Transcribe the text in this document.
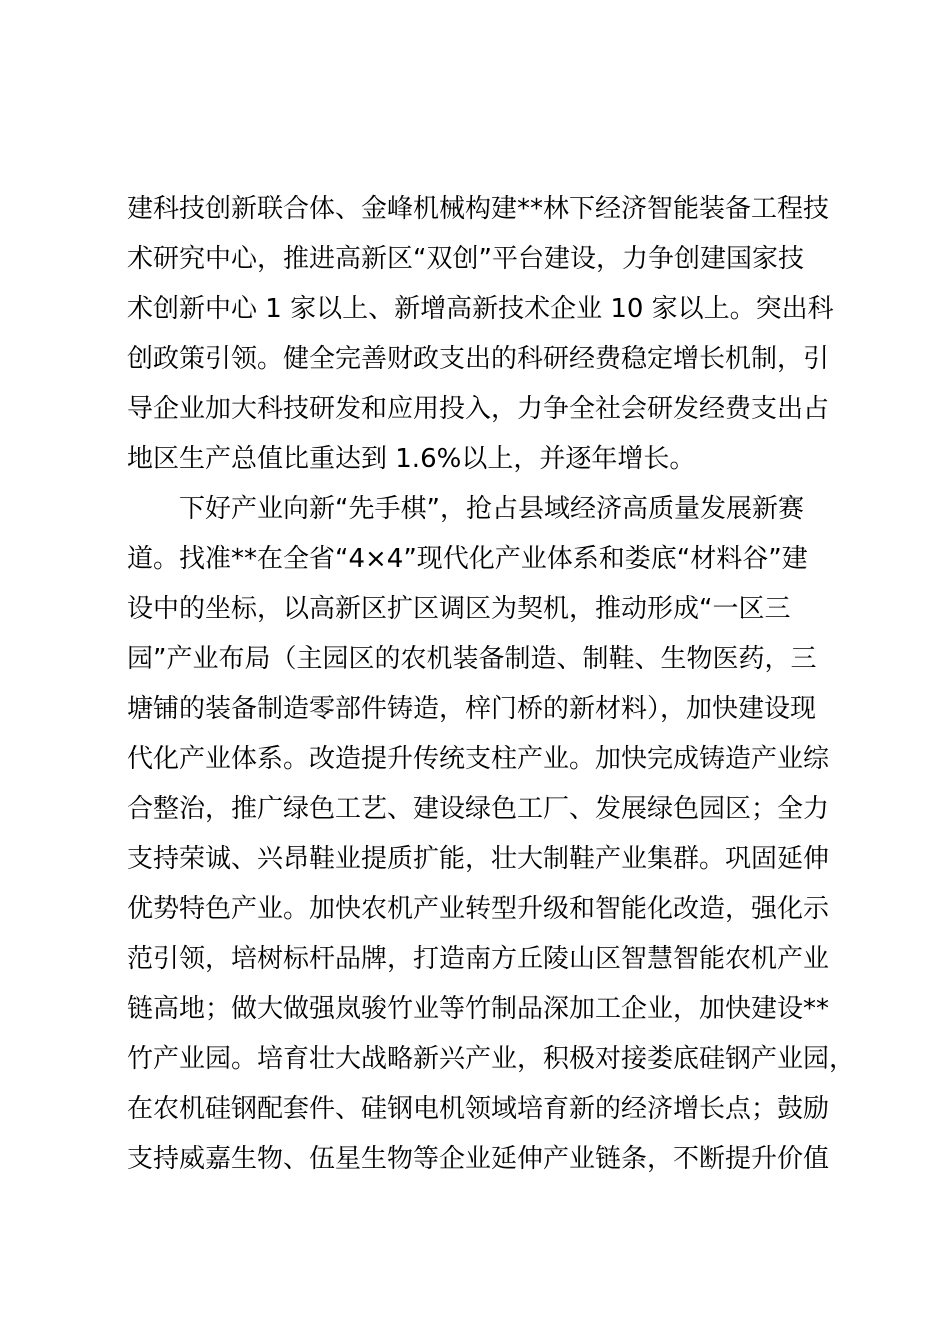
建科技创新联合体、金峰机械构建**林下经济智能装备工程技
术研究中心，推进高新区“双创”平台建设，力争创建国家技
术创新中心 1 家以上、新增高新技术企业 10 家以上。突出科
创政策引领。健全完善财政支出的科研经费稳定增长机制，引
导企业加大科技研发和应用投入，力争全社会研发经费支出占
地区生产总值比重达到 1.6%以上，并逐年增长。
下好产业向新“先手棋”，抢占县域经济高质量发展新赛
道。找准**在全省“4×4”现代化产业体系和娄底“材料谷”建
设中的坐标，以高新区扩区调区为契机，推动形成“一区三
园”产业布局（主园区的农机装备制造、制鞋、生物医药，三
塘铺的装备制造零部件铸造，梓门桥的新材料），加快建设现
代化产业体系。改造提升传统支柱产业。加快完成铸造产业综
合整治，推广绿色工艺、建设绿色工厂、发展绿色园区；全力
支持荣诚、兴昂鞋业提质扩能，壮大制鞋产业集群。巩固延伸
优势特色产业。加快农机产业转型升级和智能化改造，强化示
范引领，培树标杆品牌，打造南方丘陵山区智慧智能农机产业
链高地；做大做强岚骏竹业等竹制品深加工企业，加快建设**
竹产业园。培育壮大战略新兴产业，积极对接娄底硅钢产业园，
在农机硅钢配套件、硅钢电机领域培育新的经济增长点；鼓励
支持威嘉生物、伍星生物等企业延伸产业链条，不断提升价值
